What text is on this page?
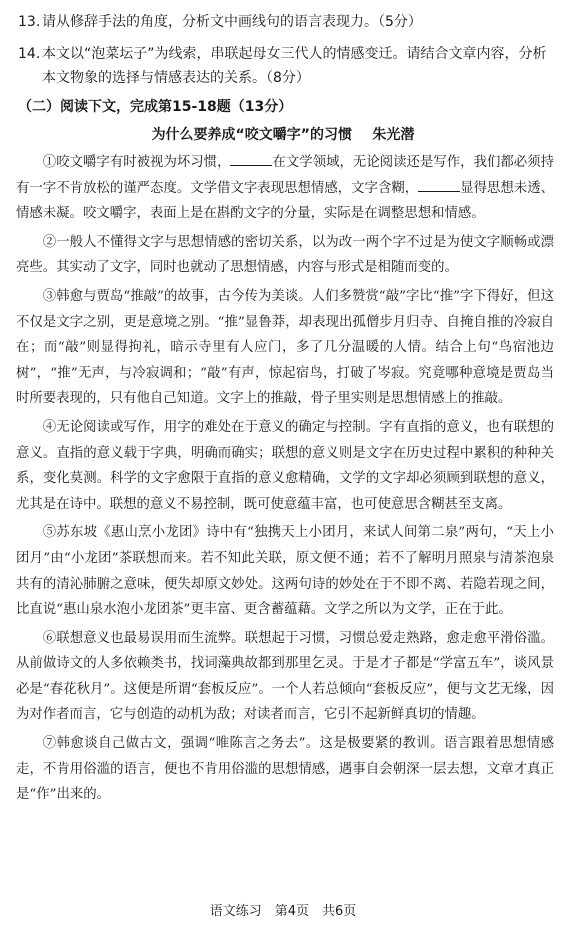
13. 请从修辞手法的角度，分析文中画线句的语言表现力。（5分）
14. 本文以“泡菜坛子”为线索，串联起母女三代人的情感变迁。请结合文章内容，分析本文物象的选择与情感表达的关系。（8分）
（二）阅读下文，完成第15-18题（13分）
为什么要养成“咬文嚼字”的习惯 朱光潜

①咬文嚼字有时被视为坏习惯，	在文学领域，无论阅读还是写作，我们都必须持有一字不肯放松的谨严态度。文学借文字表现思想情感，文字含糊，	显得思想未透、情感未凝。咬文嚼字，表面上是在斟酌文字的分量，实际是在调整思想和情感。

②一般人不懂得文字与思想情感的密切关系，以为改一两个字不过是为使文字顺畅或漂亮些。其实动了文字，同时也就动了思想情感，内容与形式是相随而变的。

③韩愈与贾岛“推敲”的故事，古今传为美谈。人们多赞赏“敲”字比“推”字下得好，但这不仅是文字之别，更是意境之别。“推”显鲁莽，却表现出孤僧步月归寺、自掩自推的冷寂自在；而“敲”则显得拘礼，暗示寺里有人应门，多了几分温暖的人情。结合上句“鸟宿池边树”，“推”无声，与冷寂调和；“敲”有声，惊起宿鸟，打破了岑寂。究竟哪种意境是贾岛当时所要表现的，只有他自己知道。文字上的推敲，骨子里实则是思想情感上的推敲。

④无论阅读或写作，用字的难处在于意义的确定与控制。字有直指的意义，也有联想的意义。直指的意义载于字典，明确而确实；联想的意义则是文字在历史过程中累积的种种关系，变化莫测。科学的文字愈限于直指的意义愈精确，文学的文字却必须顾到联想的意义，尤其是在诗中。联想的意义不易控制，既可使意蕴丰富，也可使意思含糊甚至支离。

⑤苏东坡《惠山烹小龙团》诗中有“独携天上小团月，来试人间第二泉”两句，“天上小团月”由“小龙团”茶联想而来。若不知此关联，原文便不通；若不了解明月照泉与清茶泡泉共有的清沁肺腑之意味，便失却原文妙处。这两句诗的妙处在于不即不离、若隐若现之间，比直说“惠山泉水泡小龙团茶”更丰富、更含蓄蕴藉。文学之所以为文学，正在于此。

⑥联想意义也最易误用而生流弊。联想起于习惯，习惯总爱走熟路，愈走愈平滑俗滥。从前做诗文的人多依赖类书，找词藻典故都到那里乞灵。于是才子都是“学富五车”，谈风景必是“春花秋月”。这便是所谓“套板反应”。一个人若总倾向“套板反应”，便与文艺无缘，因为对作者而言，它与创造的动机为敌；对读者而言，它引不起新鲜真切的情趣。

⑦韩愈谈自己做古文，强调“唯陈言之务去”。这是极要紧的教训。语言跟着思想情感走，不肯用俗滥的语言，便也不肯用俗滥的思想情感，遇事自会朝深一层去想，文章才真正是“作”出来的。

语文练习　第4页　共6页
